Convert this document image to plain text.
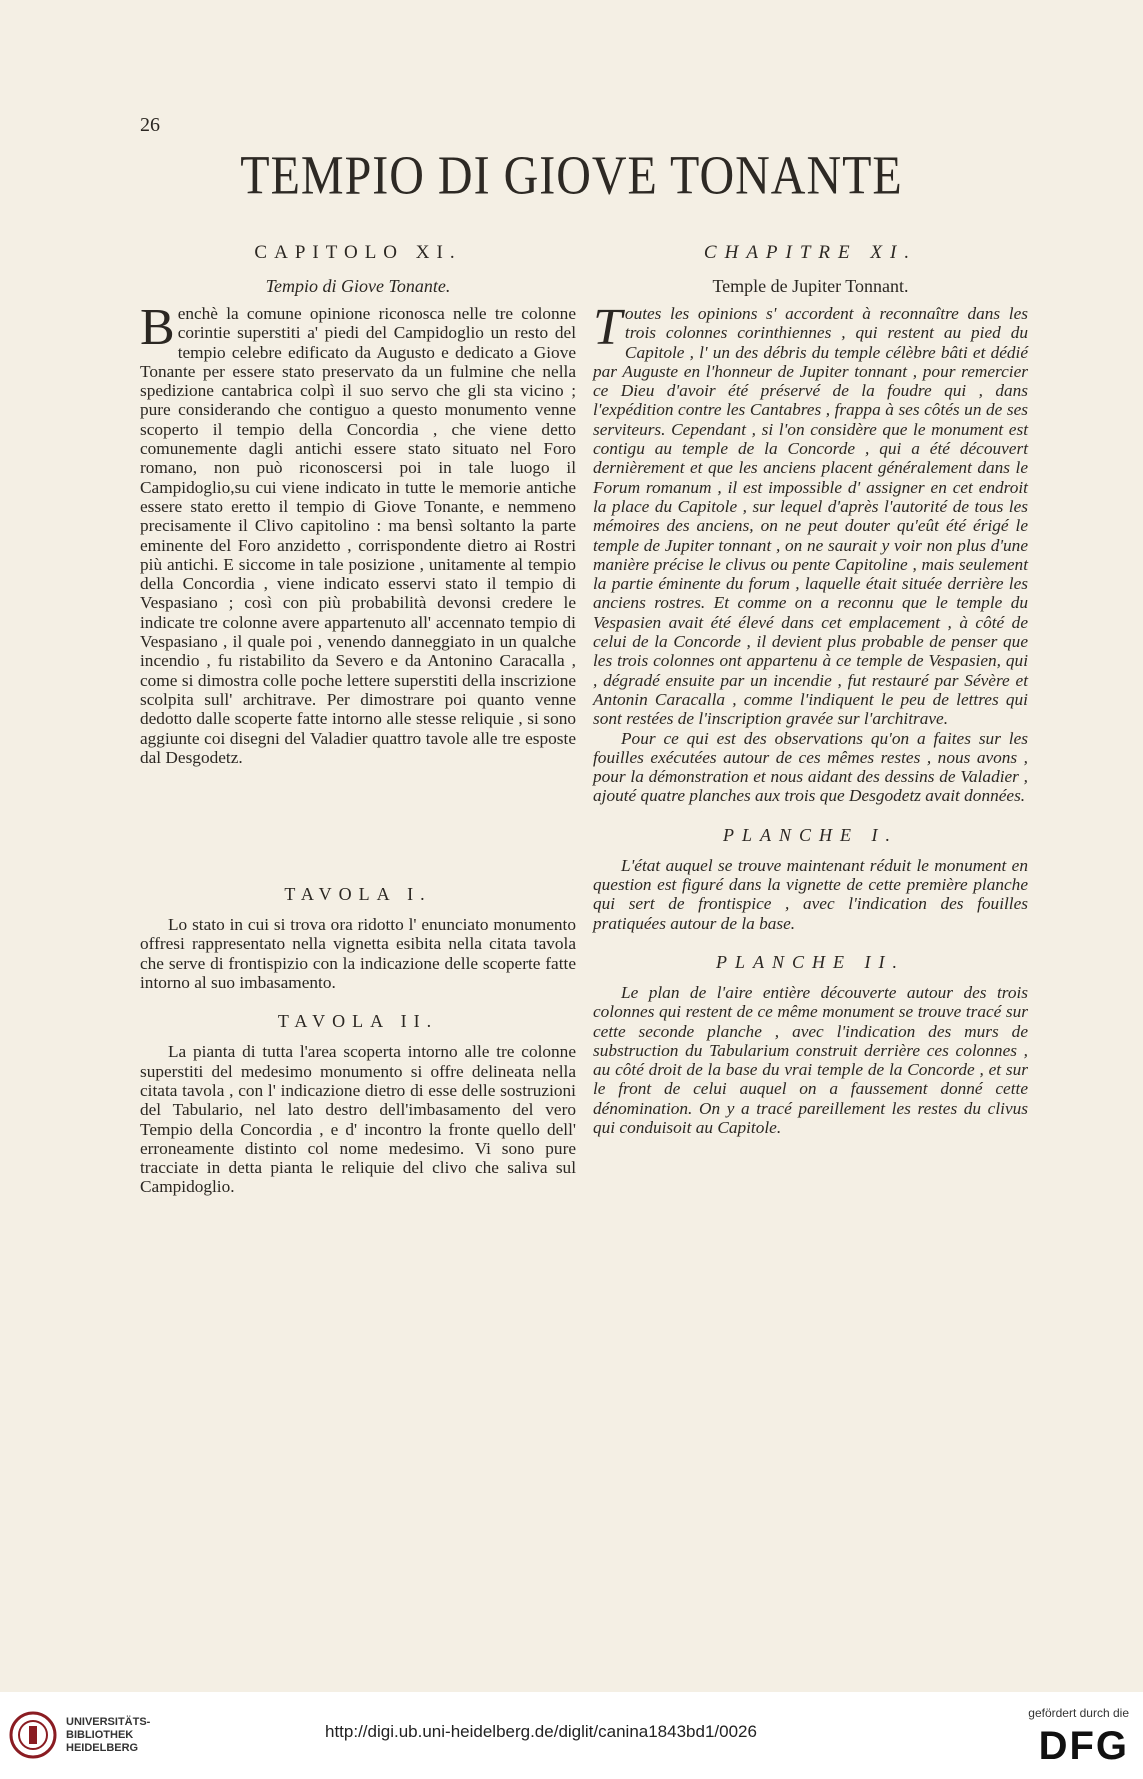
26
TEMPIO DI GIOVE TONANTE
CAPITOLO XI.
Tempio di Giove Tonante.
Benchè la comune opinione riconosca nelle tre colonne corintie superstiti a' piedi del Campidoglio un resto del tempio celebre edificato da Augusto e dedicato a Giove Tonante per essere stato preservato da un fulmine che nella spedizione cantabrica colpì il suo servo che gli sta vicino ; pure considerando che contiguo a questo monumento venne scoperto il tempio della Concordia , che viene detto comunemente dagli antichi essere stato situato nel Foro romano, non può riconoscersi poi in tale luogo il Campidoglio,su cui viene indicato in tutte le memorie antiche essere stato eretto il tempio di Giove Tonante, e nemmeno precisamente il Clivo capitolino : ma bensì soltanto la parte eminente del Foro anzidetto , corrispondente dietro ai Rostri più antichi. E siccome in tale posizione , unitamente al tempio della Concordia , viene indicato esservi stato il tempio di Vespasiano ; così con più probabilità devonsi credere le indicate tre colonne avere appartenuto all' accennato tempio di Vespasiano , il quale poi , venendo danneggiato in un qualche incendio , fu ristabilito da Severo e da Antonino Caracalla , come si dimostra colle poche lettere superstiti della inscrizione scolpita sull' architrave. Per dimostrare poi quanto venne dedotto dalle scoperte fatte intorno alle stesse reliquie , si sono aggiunte coi disegni del Valadier quattro tavole alle tre esposte dal Desgodetz.
TAVOLA I.
Lo stato in cui si trova ora ridotto l' enunciato monumento offresi rappresentato nella vignetta esibita nella citata tavola che serve di frontispizio con la indicazione delle scoperte fatte intorno al suo imbasamento.
TAVOLA II.
La pianta di tutta l'area scoperta intorno alle tre colonne superstiti del medesimo monumento si offre delineata nella citata tavola , con l' indicazione dietro di esse delle sostruzioni del Tabulario, nel lato destro dell'imbasamento del vero Tempio della Concordia , e d' incontro la fronte quello dell' erroneamente distinto col nome medesimo. Vi sono pure tracciate in detta pianta le reliquie del clivo che saliva sul Campidoglio.
CHAPITRE XI.
Temple de Jupiter Tonnant.
Toutes les opinions s' accordent à reconnaître dans les trois colonnes corinthiennes , qui restent au pied du Capitole , l' un des débris du temple célèbre bâti et dédié par Auguste en l'honneur de Jupiter tonnant , pour remercier ce Dieu d'avoir été préservé de la foudre qui , dans l'expédition contre les Cantabres , frappa à ses côtés un de ses serviteurs. Cependant , si l'on considère que le monument est contigu au temple de la Concorde , qui a été découvert dernièrement et que les anciens placent généralement dans le Forum romanum , il est impossible d' assigner en cet endroit la place du Capitole , sur lequel d'après l'autorité de tous les mémoires des anciens, on ne peut douter qu'eût été érigé le temple de Jupiter tonnant , on ne saurait y voir non plus d'une manière précise le clivus ou pente Capitoline , mais seulement la partie éminente du forum , laquelle était située derrière les anciens rostres. Et comme on a reconnu que le temple du Vespasien avait été élevé dans cet emplacement , à côté de celui de la Concorde , il devient plus probable de penser que les trois colonnes ont appartenu à ce temple de Vespasien, qui , dégradé ensuite par un incendie , fut restauré par Sévère et Antonin Caracalla , comme l'indiquent le peu de lettres qui sont restées de l'inscription gravée sur l'architrave.
Pour ce qui est des observations qu'on a faites sur les fouilles exécutées autour de ces mêmes restes , nous avons , pour la démonstration et nous aidant des dessins de Valadier , ajouté quatre planches aux trois que Desgodetz avait données.
PLANCHE I.
L'état auquel se trouve maintenant réduit le monument en question est figuré dans la vignette de cette première planche qui sert de frontispice , avec l'indication des fouilles pratiquées autour de la base.
PLANCHE II.
Le plan de l'aire entière découverte autour des trois colonnes qui restent de ce même monument se trouve tracé sur cette seconde planche , avec l'indication des murs de substruction du Tabularium construit derrière ces colonnes , au côté droit de la base du vrai temple de la Concorde , et sur le front de celui auquel on a faussement donné cette dénomination. On y a tracé pareillement les restes du clivus qui conduisoit au Capitole.
UNIVERSITÄTS-
BIBLIOTHEK
HEIDELBERG
http://digi.ub.uni-heidelberg.de/diglit/canina1843bd1/0026
gefördert durch die
DFG
